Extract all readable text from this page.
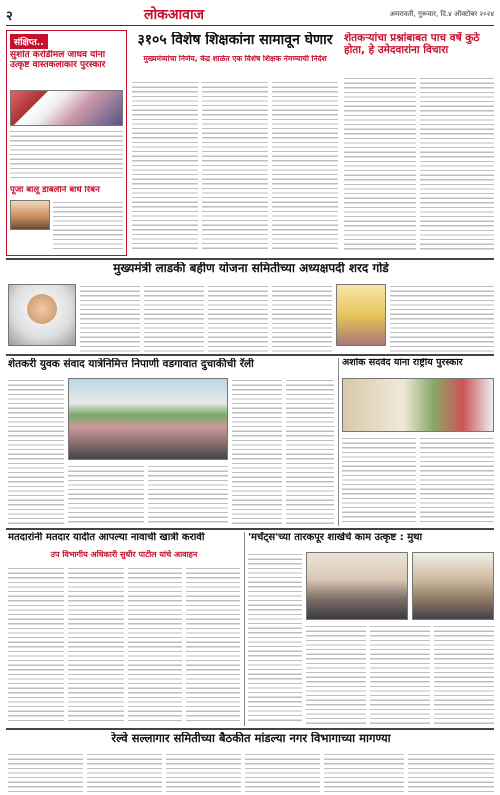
२	लोकआवाज	अमरावती, गुरूवार, दि.४ ऑक्टोबर २०२४
संक्षिप्त..
सुशांत करोडीमल जाधव यांना उत्कृष्ट वास्तकलाकार पुरस्कार
पूजा बालू डाबलीने बांधे रिबन
३१०५ विशेष शिक्षकांना सामावून घेणार
मुख्यमंत्र्यांचा निर्णय, केंद्र शाळेत एक विशेष शिक्षक नेमण्याची निर्देश
शेतकऱ्यांचा प्रश्नांबाबत पाच वर्षे कुठे होता, हे उमेदवारांना विचारा
मुख्यमंत्री लाडकी बहीण योजना समितीच्या अध्यक्षपदी शरद गोडे
शेतकरी युवक संवाद यात्रेनिमित्त निपाणी वडगावात दुचाकीची रॅली	अशोक सदवेद यांना राष्ट्रीय पुरस्कार
मतदारांनी मतदार यादीत आपल्या नावाची खात्री करावी
उप विभागीय अधिकारी सुधीर पाटील यांचे आवाहन
'मर्चंट्स'च्या तारकपूर शाखेचे काम उत्कृष्ट : मुथा
रेल्वे सल्लागार समितीच्या बैठकीत मांडल्या नगर विभागाच्या मागण्या
